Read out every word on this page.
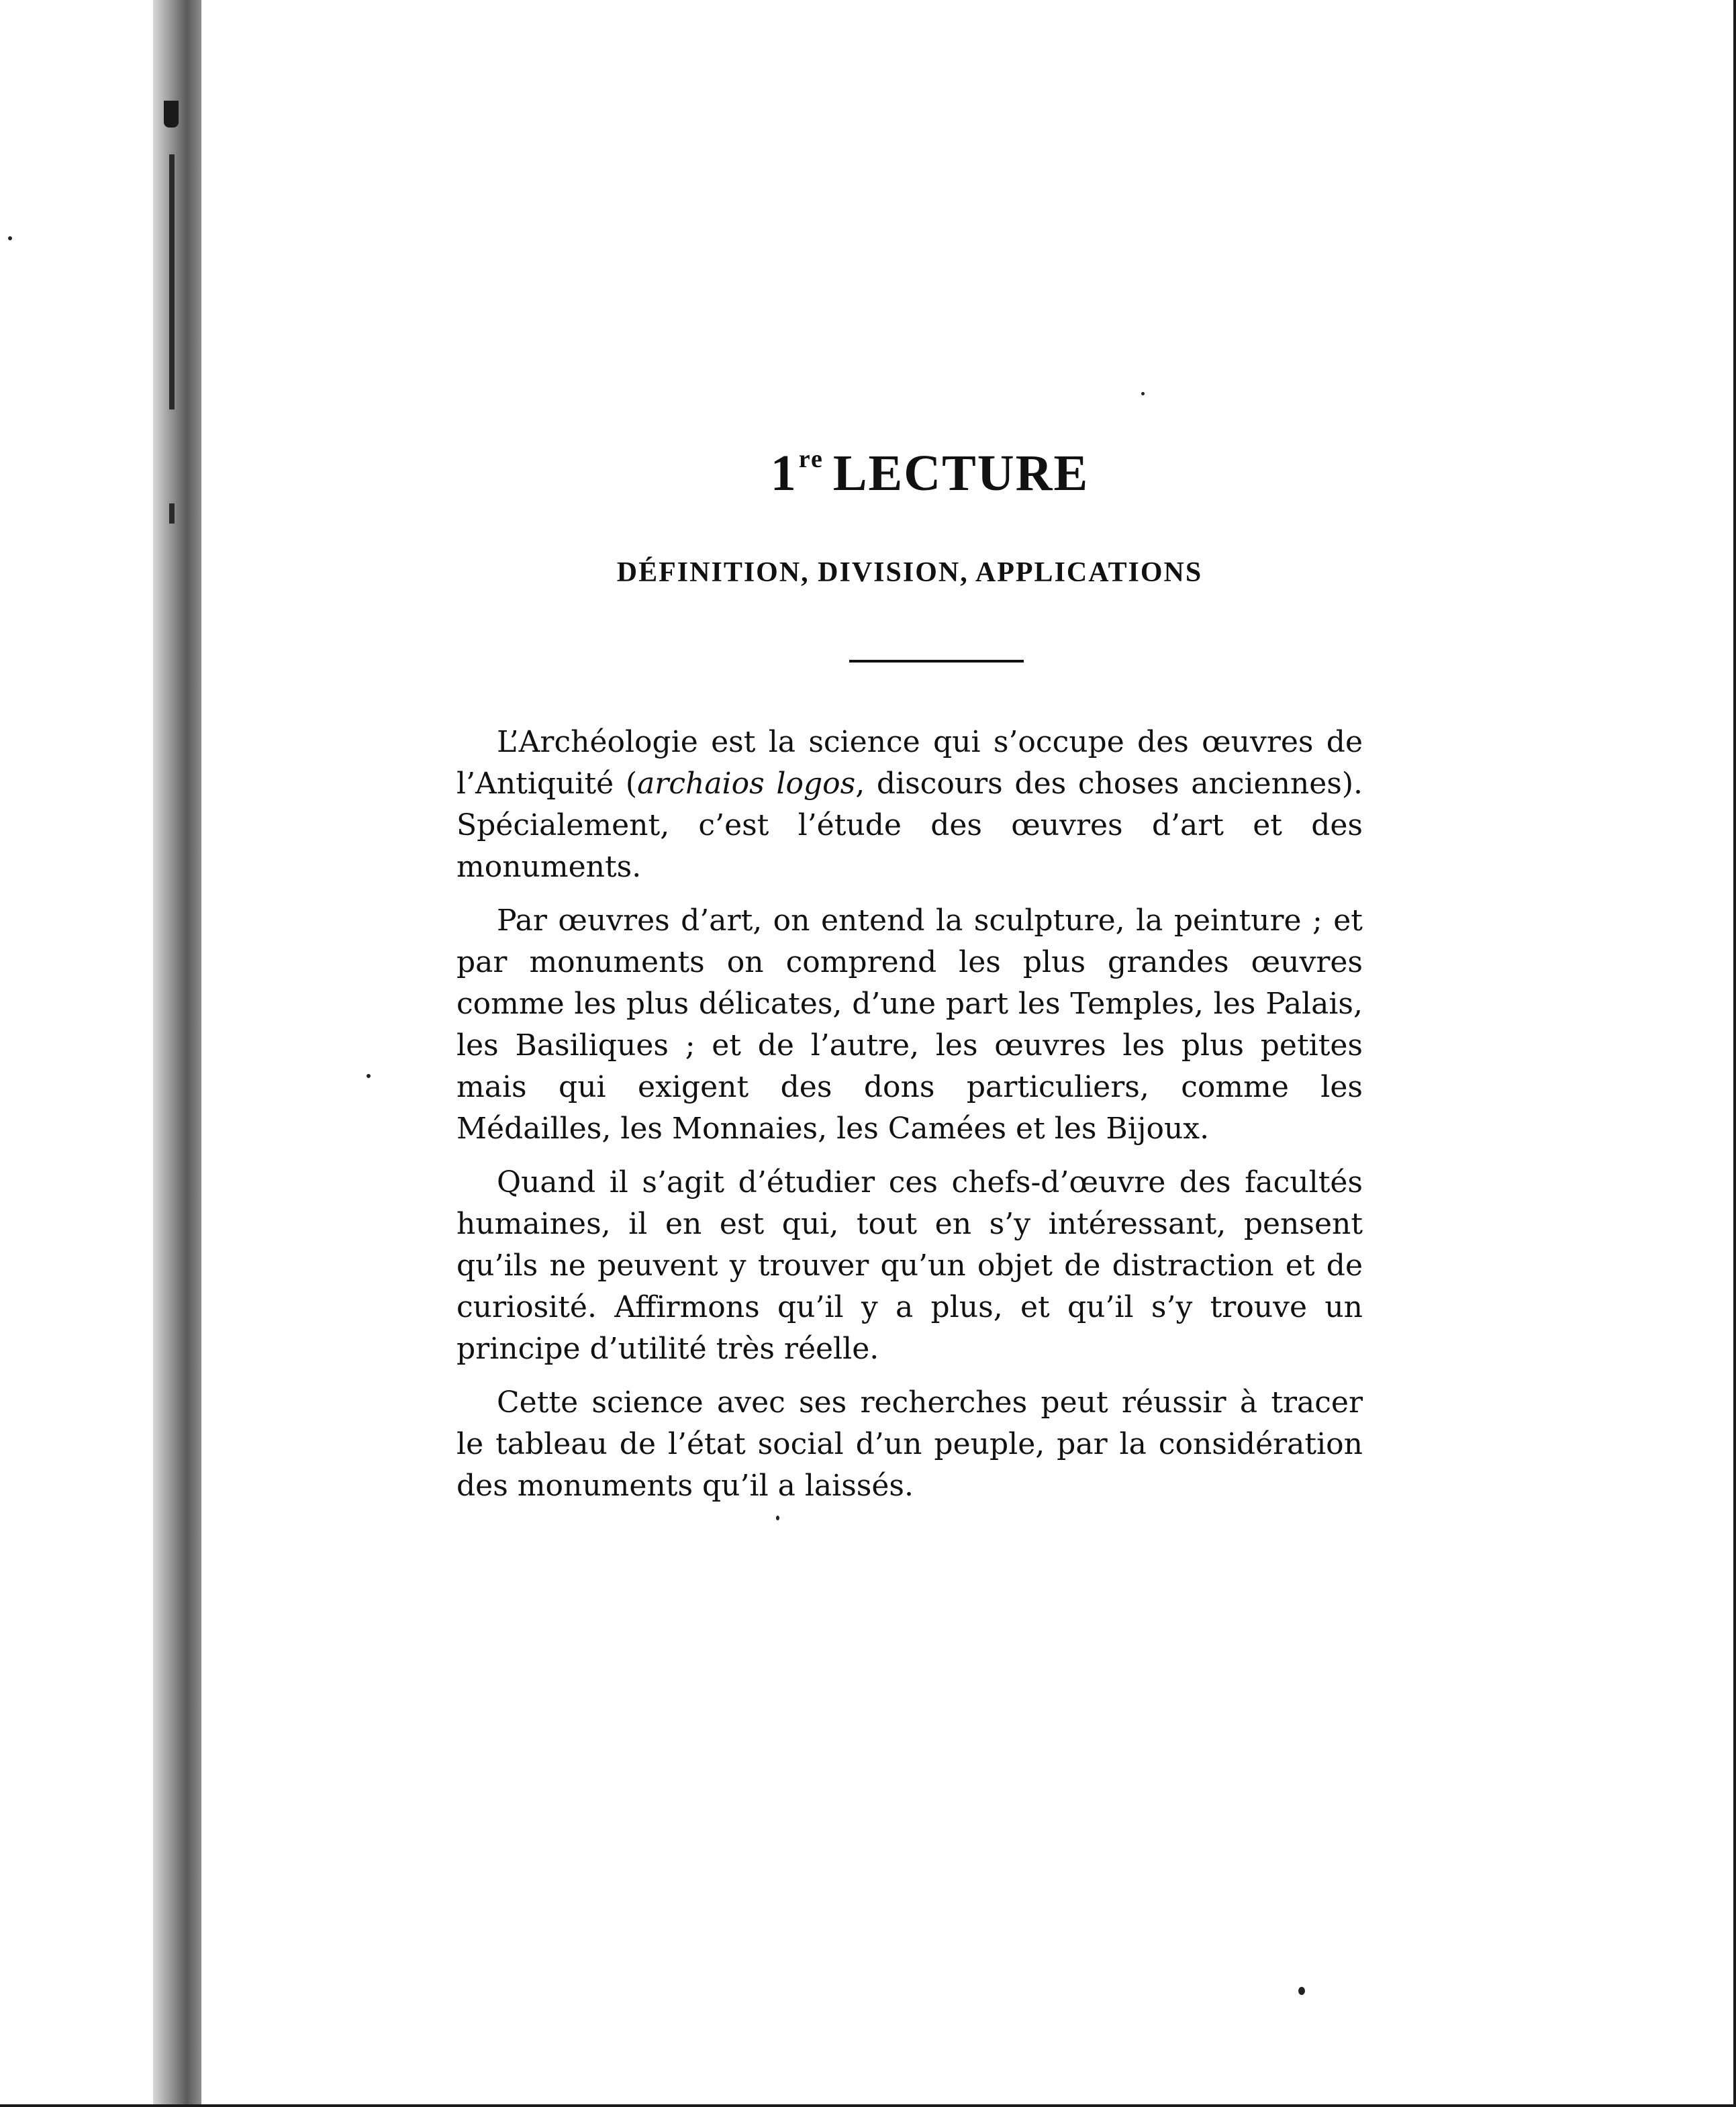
1re LECTURE
DÉFINITION, DIVISION, APPLICATIONS

L’Archéologie est la science qui s’occupe des œuvres de l’Antiquité (archaios logos, discours des choses anciennes). Spécialement, c’est l’étude des œuvres d’art et des monuments.

Par œuvres d’art, on entend la sculpture, la peinture ; et par monuments on comprend les plus grandes œuvres comme les plus délicates, d’une part les Temples, les Palais, les Basiliques ; et de l’autre, les œuvres les plus petites mais qui exigent des dons particuliers, comme les Médailles, les Monnaies, les Camées et les Bijoux.

Quand il s’agit d’étudier ces chefs-d’œuvre des facultés humaines, il en est qui, tout en s’y intéressant, pensent qu’ils ne peuvent y trouver qu’un objet de distraction et de curiosité. Affirmons qu’il y a plus, et qu’il s’y trouve un principe d’utilité très réelle.

Cette science avec ses recherches peut réussir à tracer le tableau de l’état social d’un peuple, par la considération des monuments qu’il a laissés.
